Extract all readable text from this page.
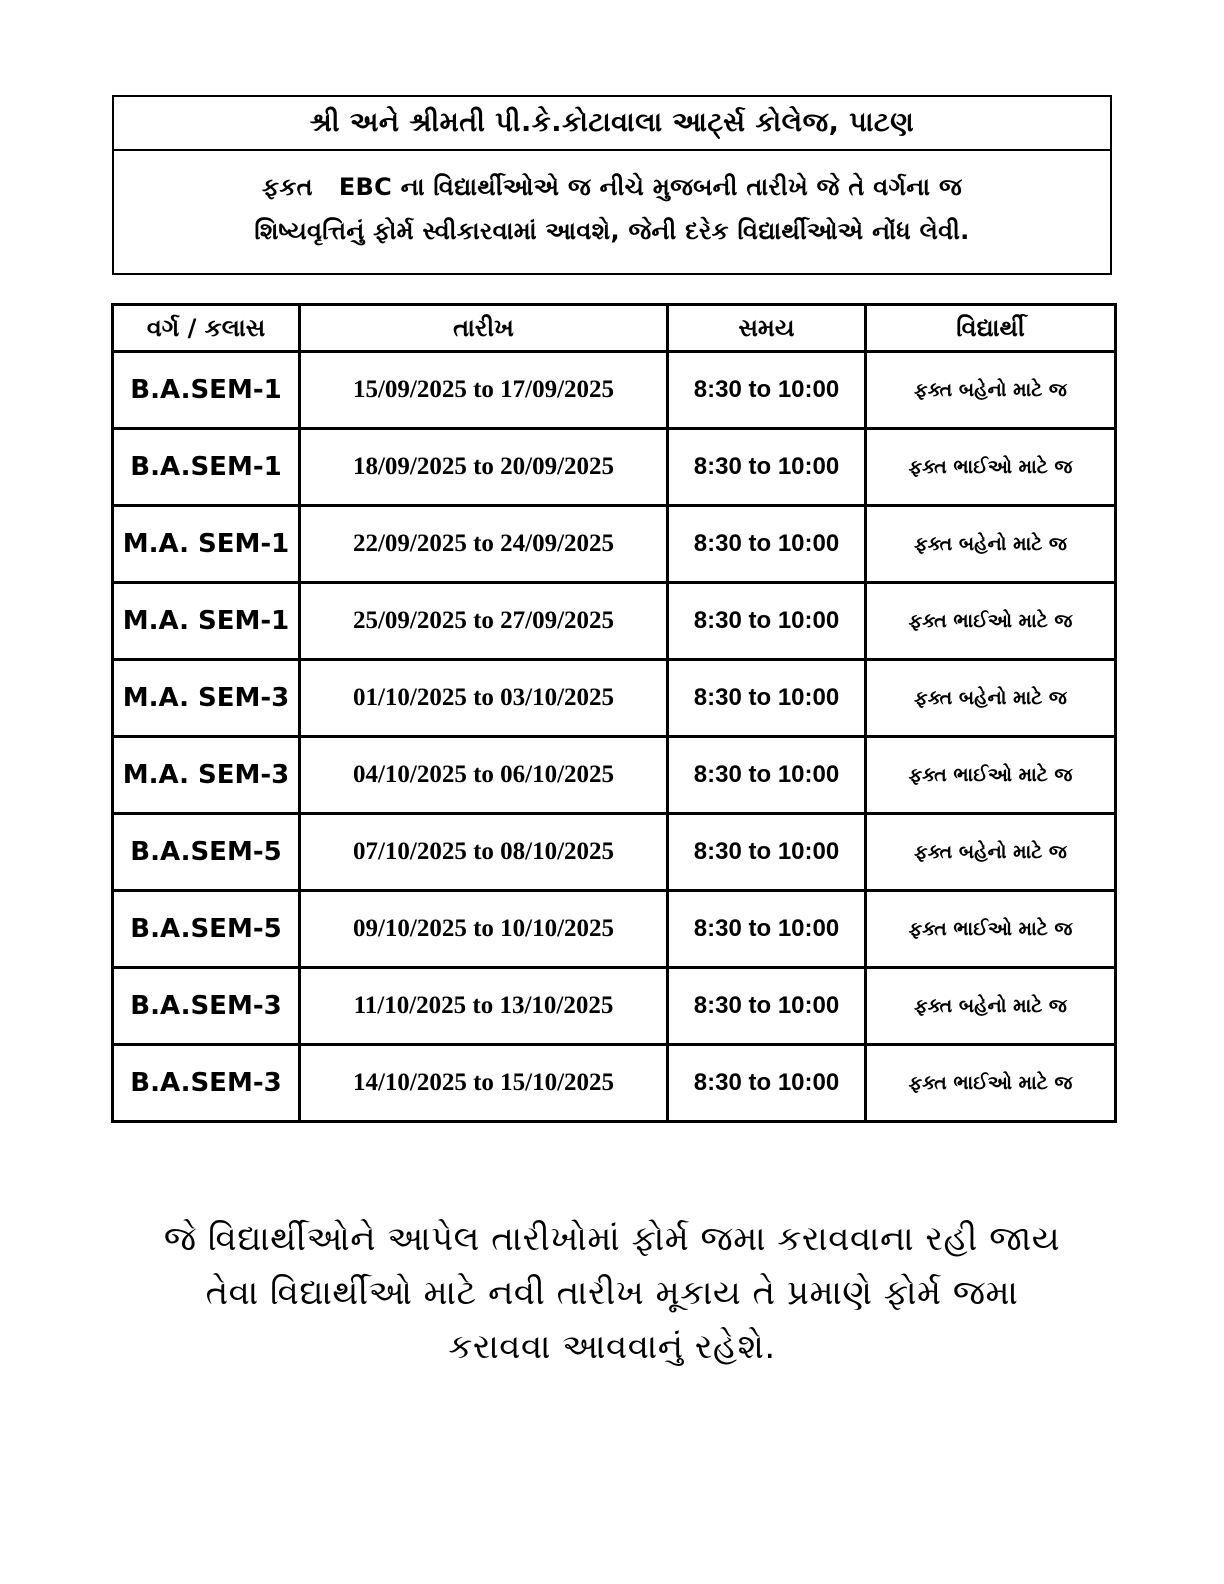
શ્રી અને શ્રીમતી પી.કે.કોટાવાલા આર્ટ્સ કોલેજ, પાટણ
ફકત   EBC ના વિદ્યાર્થીઓએ જ નીચે મુજબની તારીખે જે તે વર્ગના જ
શિષ્યવૃત્તિનું ફોર્મ સ્વીકારવામાં આવશે, જેની દરેક વિદ્યાર્થીઓએ નોંધ લેવી.
વર્ગ / કલાસ	તારીખ	સમય	વિદ્યાર્થી
B.A.SEM-1	15/09/2025 to 17/09/2025	8:30 to 10:00	ફક્ત બહેનો માટે જ
B.A.SEM-1	18/09/2025 to 20/09/2025	8:30 to 10:00	ફક્ત ભાઈઓ માટે જ
M.A. SEM-1	22/09/2025 to 24/09/2025	8:30 to 10:00	ફક્ત બહેનો માટે જ
M.A. SEM-1	25/09/2025 to 27/09/2025	8:30 to 10:00	ફક્ત ભાઈઓ માટે જ
M.A. SEM-3	01/10/2025 to 03/10/2025	8:30 to 10:00	ફક્ત બહેનો માટે જ
M.A. SEM-3	04/10/2025 to 06/10/2025	8:30 to 10:00	ફક્ત ભાઈઓ માટે જ
B.A.SEM-5	07/10/2025 to 08/10/2025	8:30 to 10:00	ફક્ત બહેનો માટે જ
B.A.SEM-5	09/10/2025 to 10/10/2025	8:30 to 10:00	ફક્ત ભાઈઓ માટે જ
B.A.SEM-3	11/10/2025 to 13/10/2025	8:30 to 10:00	ફક્ત બહેનો માટે જ
B.A.SEM-3	14/10/2025 to 15/10/2025	8:30 to 10:00	ફક્ત ભાઈઓ માટે જ
જે વિદ્યાર્થીઓને આપેલ તારીખોમાં ફોર્મ જમા કરાવવાના રહી જાય
તેવા વિદ્યાર્થીઓ માટે નવી તારીખ મૂકાય તે પ્રમાણે ફોર્મ જમા
કરાવવા આવવાનું રહેશે.
